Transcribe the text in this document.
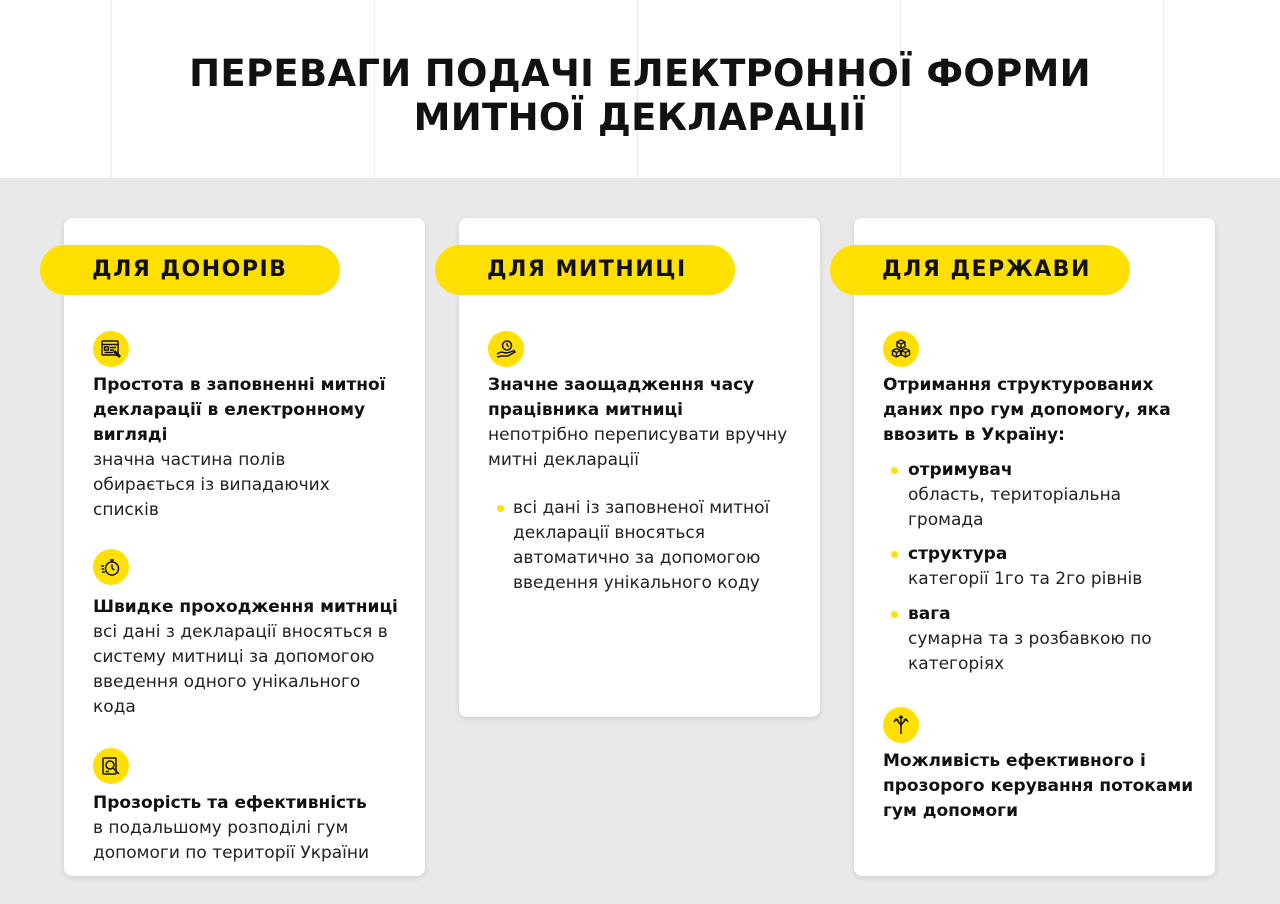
ПЕРЕВАГИ ПОДАЧІ ЕЛЕКТРОННОЇ ФОРМИ
МИТНОЇ ДЕКЛАРАЦІЇ
ДЛЯ ДОНОРІВ
Простота в заповненні митної
декларації в електронному
вигляді
значна частина полів
обирається із випадаючих
списків
Швидке проходження митниці
всі дані з декларації вносяться в
систему митниці за допомогою
введення одного унікального
кода
Прозорість та ефективність
в подальшому розподілі гум
допомоги по території України
ДЛЯ МИТНИЦІ
Значне заощадження часу
працівника митниці
непотрібно переписувати вручну
митні декларації
всі дані із заповненої митної
декларації вносяться
автоматично за допомогою
введення унікального коду
ДЛЯ ДЕРЖАВИ
Отримання структурованих
даних про гум допомогу, яка
ввозить в Україну:
отримувач
область, територіальна
громада
структура
категорії 1го та 2го рівнів
вага
сумарна та з розбавкою по
категоріях
Можливість ефективного і
прозорого керування потоками
гум допомоги
